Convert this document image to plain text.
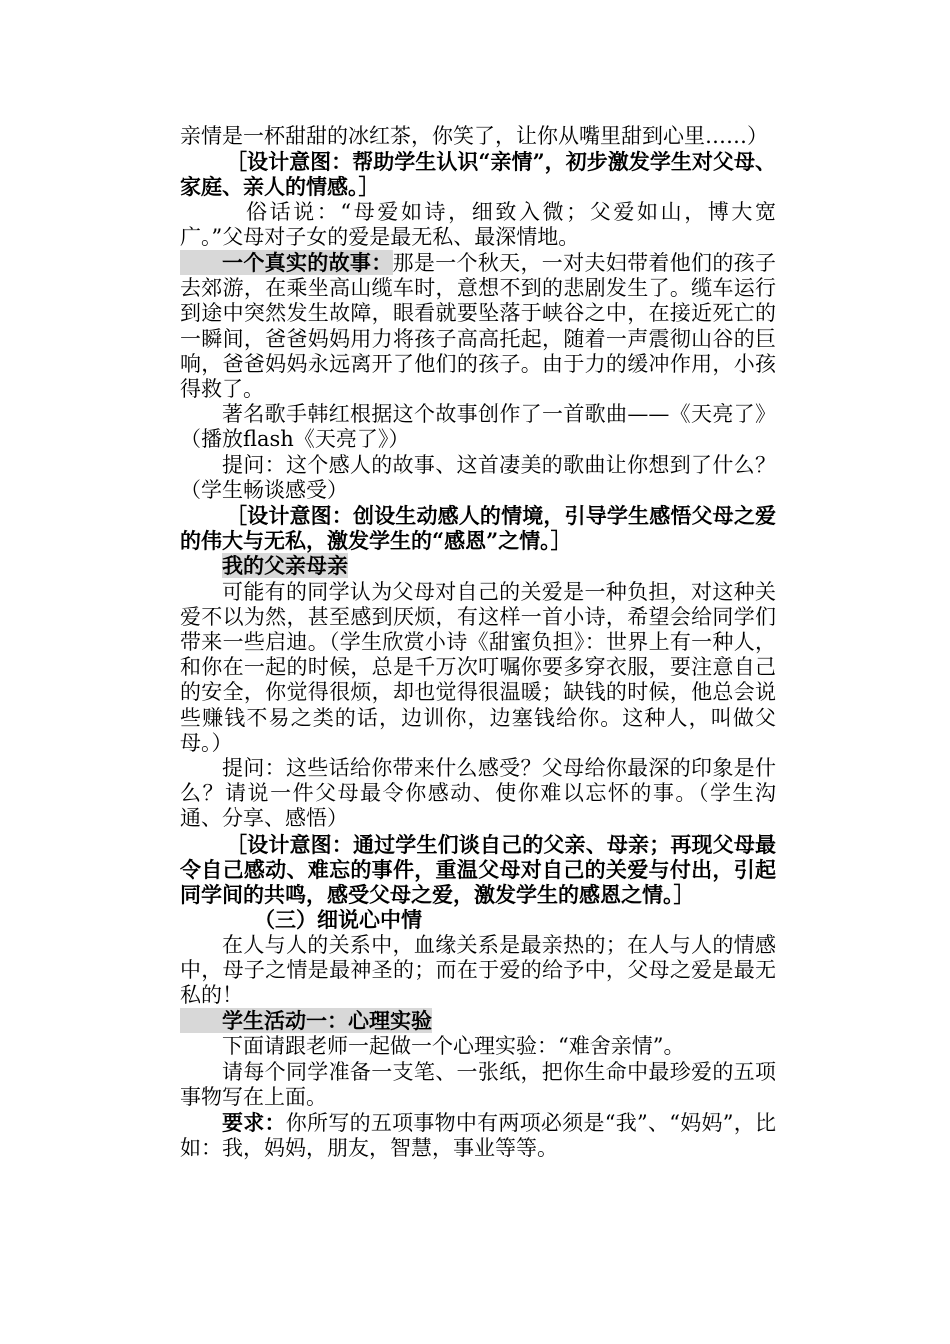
亲情是一杯甜甜的冰红茶，你笑了，让你从嘴里甜到心里……）

［设计意图：帮助学生认识“亲情”，初步激发学生对父母、家庭、亲人的情感。］

俗话说：“母爱如诗，细致入微；父爱如山，博大宽广。”父母对子女的爱是最无私、最深情地。

一个真实的故事：那是一个秋天，一对夫妇带着他们的孩子去郊游，在乘坐高山缆车时，意想不到的悲剧发生了。缆车运行到途中突然发生故障，眼看就要坠落于峡谷之中，在接近死亡的一瞬间，爸爸妈妈用力将孩子高高托起，随着一声震彻山谷的巨响，爸爸妈妈永远离开了他们的孩子。由于力的缓冲作用，小孩得救了。

著名歌手韩红根据这个故事创作了一首歌曲——《天亮了》（播放flash《天亮了》）

提问：这个感人的故事、这首凄美的歌曲让你想到了什么？（学生畅谈感受）

［设计意图：创设生动感人的情境，引导学生感悟父母之爱的伟大与无私，激发学生的“感恩”之情。］

我的父亲母亲

可能有的同学认为父母对自己的关爱是一种负担，对这种关爱不以为然，甚至感到厌烦，有这样一首小诗，希望会给同学们带来一些启迪。（学生欣赏小诗《甜蜜负担》：世界上有一种人，和你在一起的时候，总是千万次叮嘱你要多穿衣服，要注意自己的安全，你觉得很烦，却也觉得很温暖；缺钱的时候，他总会说些赚钱不易之类的话，边训你，边塞钱给你。这种人，叫做父母。）

提问：这些话给你带来什么感受？父母给你最深的印象是什么？请说一件父母最令你感动、使你难以忘怀的事。（学生沟通、分享、感悟）

［设计意图：通过学生们谈自己的父亲、母亲；再现父母最令自己感动、难忘的事件，重温父母对自己的关爱与付出，引起同学间的共鸣，感受父母之爱，激发学生的感恩之情。］

（三）细说心中情

在人与人的关系中，血缘关系是最亲热的；在人与人的情感中，母子之情是最神圣的；而在于爱的给予中，父母之爱是最无私的！

学生活动一：心理实验

下面请跟老师一起做一个心理实验：“难舍亲情”。

请每个同学准备一支笔、一张纸，把你生命中最珍爱的五项事物写在上面。

要求：你所写的五项事物中有两项必须是“我”、“妈妈”，比如：我，妈妈，朋友，智慧，事业等等。
